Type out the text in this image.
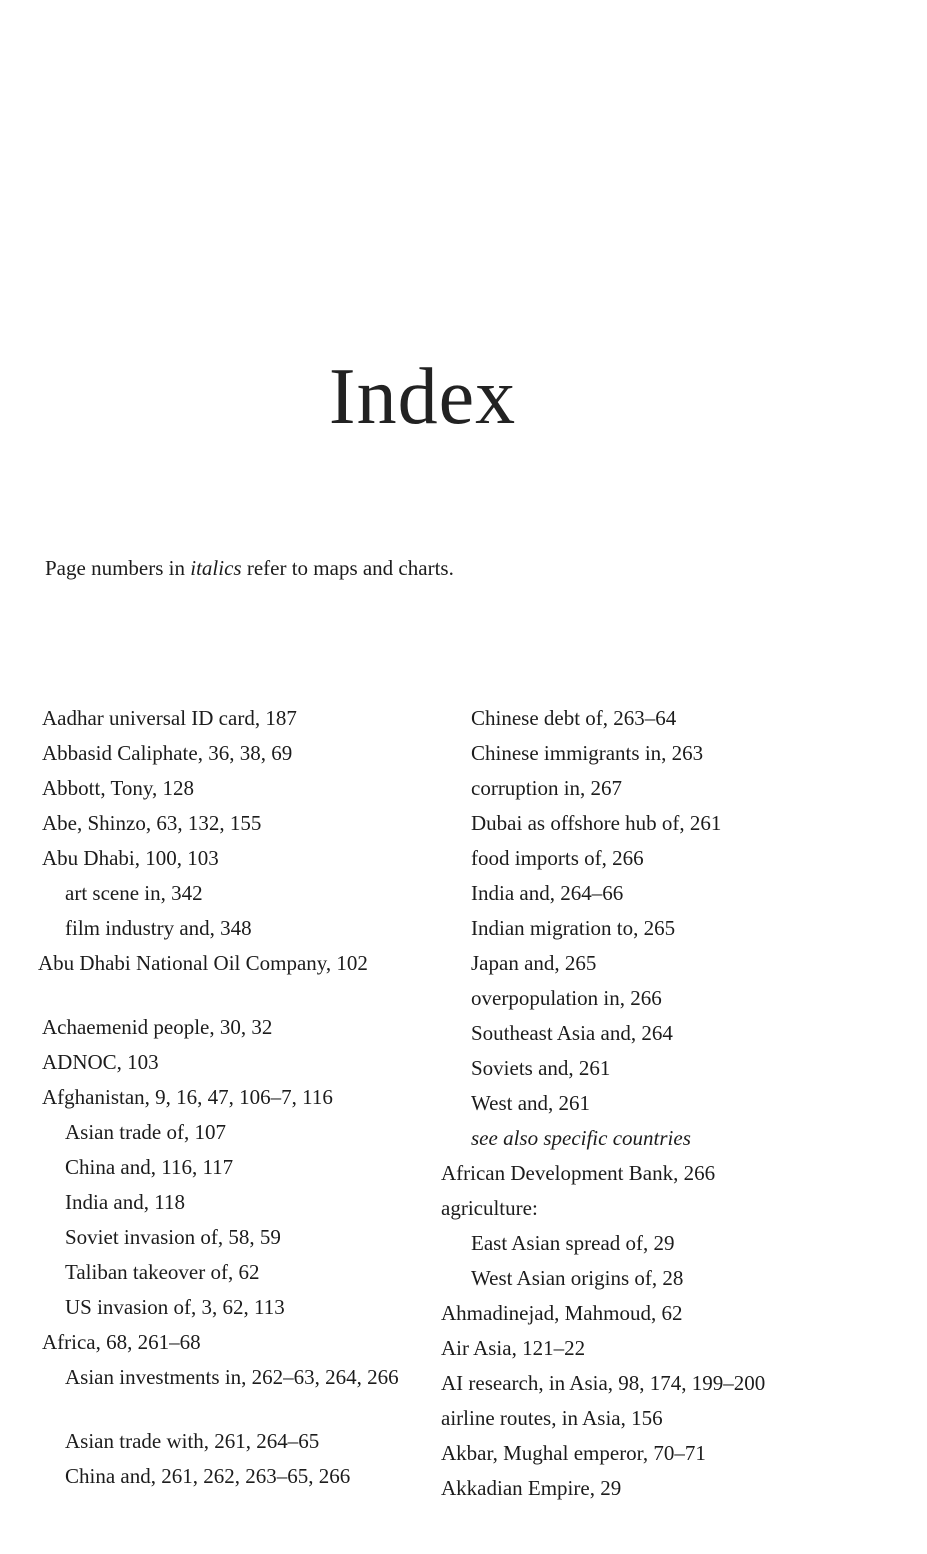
Index

Page numbers in italics refer to maps and charts.

Aadhar universal ID card, 187
Abbasid Caliphate, 36, 38, 69
Abbott, Tony, 128
Abe, Shinzo, 63, 132, 155
Abu Dhabi, 100, 103
art scene in, 342
film industry and, 348
Abu Dhabi National Oil Company, 102
Achaemenid people, 30, 32
ADNOC, 103
Afghanistan, 9, 16, 47, 106–7, 116
Asian trade of, 107
China and, 116, 117
India and, 118
Soviet invasion of, 58, 59
Taliban takeover of, 62
US invasion of, 3, 62, 113
Africa, 68, 261–68
Asian investments in, 262–63, 264, 266
Asian trade with, 261, 264–65
China and, 261, 262, 263–65, 266
Chinese debt of, 263–64
Chinese immigrants in, 263
corruption in, 267
Dubai as offshore hub of, 261
food imports of, 266
India and, 264–66
Indian migration to, 265
Japan and, 265
overpopulation in, 266
Southeast Asia and, 264
Soviets and, 261
West and, 261
see also specific countries
African Development Bank, 266
agriculture:
East Asian spread of, 29
West Asian origins of, 28
Ahmadinejad, Mahmoud, 62
Air Asia, 121–22
AI research, in Asia, 98, 174, 199–200
airline routes, in Asia, 156
Akbar, Mughal emperor, 70–71
Akkadian Empire, 29
